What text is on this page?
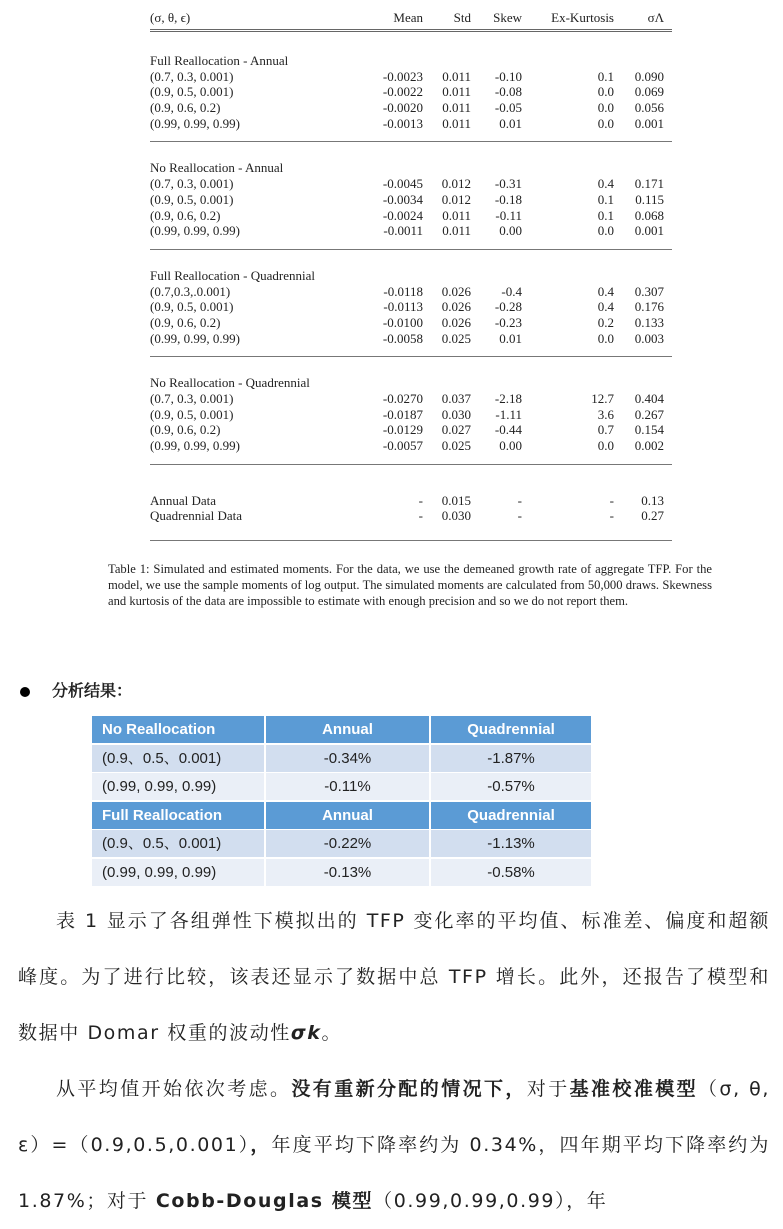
(σ, θ, ϵ)	Mean	Std	Skew	Ex-Kurtosis	σΛ
Full Reallocation - Annual
(0.7, 0.3, 0.001)	-0.0023	0.011	-0.10	0.1	0.090
(0.9, 0.5, 0.001)	-0.0022	0.011	-0.08	0.0	0.069
(0.9, 0.6, 0.2)	-0.0020	0.011	-0.05	0.0	0.056
(0.99, 0.99, 0.99)	-0.0013	0.011	0.01	0.0	0.001
No Reallocation - Annual
(0.7, 0.3, 0.001)	-0.0045	0.012	-0.31	0.4	0.171
(0.9, 0.5, 0.001)	-0.0034	0.012	-0.18	0.1	0.115
(0.9, 0.6, 0.2)	-0.0024	0.011	-0.11	0.1	0.068
(0.99, 0.99, 0.99)	-0.0011	0.011	0.00	0.0	0.001
Full Reallocation - Quadrennial
(0.7,0.3,.0.001)	-0.0118	0.026	-0.4	0.4	0.307
(0.9, 0.5, 0.001)	-0.0113	0.026	-0.28	0.4	0.176
(0.9, 0.6, 0.2)	-0.0100	0.026	-0.23	0.2	0.133
(0.99, 0.99, 0.99)	-0.0058	0.025	0.01	0.0	0.003
No Reallocation - Quadrennial
(0.7, 0.3, 0.001)	-0.0270	0.037	-2.18	12.7	0.404
(0.9, 0.5, 0.001)	-0.0187	0.030	-1.11	3.6	0.267
(0.9, 0.6, 0.2)	-0.0129	0.027	-0.44	0.7	0.154
(0.99, 0.99, 0.99)	-0.0057	0.025	0.00	0.0	0.002
Annual Data	-	0.015	-	-	0.13
Quadrennial Data	-	0.030	-	-	0.27
Table 1: Simulated and estimated moments. For the data, we use the demeaned growth rate of aggregate TFP. For the model, we use the sample moments of log output. The simulated moments are calculated from 50,000 draws. Skewness and kurtosis of the data are impossible to estimate with enough precision and so we do not report them.
分析结果：
No Reallocation	Annual	Quadrennial
(0.9、0.5、0.001)	-0.34%	-1.87%
(0.99, 0.99, 0.99)	-0.11%	-0.57%
Full Reallocation	Annual	Quadrennial
(0.9、0.5、0.001)	-0.22%	-1.13%
(0.99, 0.99, 0.99)	-0.13%	-0.58%

表 1 显示了各组弹性下模拟出的 TFP 变化率的平均值、标准差、偏度和超额峰度。为了进行比较，该表还显示了数据中总 TFP 增长。此外，还报告了模型和数据中 Domar 权重的波动性σk。

从平均值开始依次考虑。没有重新分配的情况下，对于基准校准模型（σ, θ, ε）=（0.9,0.5,0.001），年度平均下降率约为 0.34%，四年期平均下降率约为 1.87%；对于 Cobb-Douglas 模型（0.99,0.99,0.99），年
